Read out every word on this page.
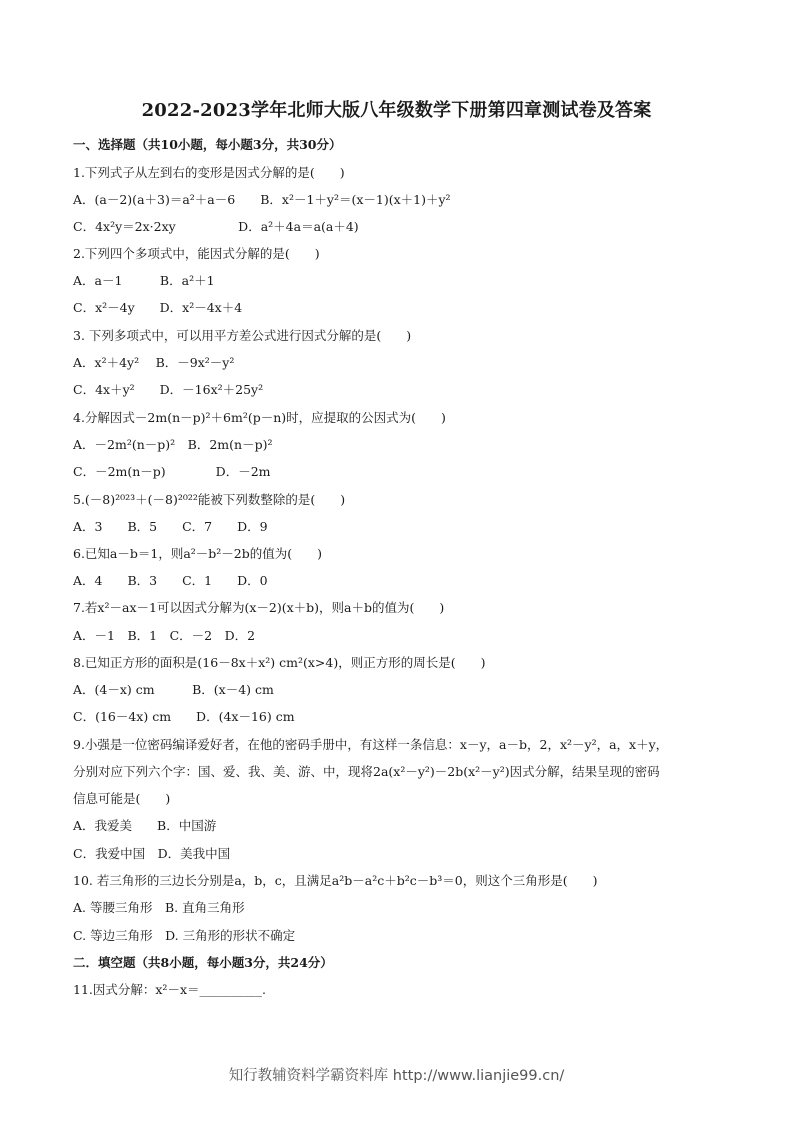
2022-2023学年北师大版八年级数学下册第四章测试卷及答案
一、选择题（共10小题，每小题3分，共30分）
1.下列式子从左到右的变形是因式分解的是(　　)
A．(a－2)(a＋3)＝a²＋a－6　　B．x²－1＋y²＝(x－1)(x＋1)＋y²
C．4x²y＝2x·2xy　　　　　D．a²＋4a＝a(a＋4)
2.下列四个多项式中，能因式分解的是(　　)
A．a－1　　　B．a²＋1
C．x²－4y　　D．x²－4x＋4
3. 下列多项式中，可以用平方差公式进行因式分解的是(　　)
A．x²＋4y²　 B．－9x²－y²
C．4x＋y²　　D．－16x²＋25y²
4.分解因式－2m(n－p)²＋6m²(p－n)时，应提取的公因式为(　　)
A．－2m²(n－p)²　B．2m(n－p)²
C．－2m(n－p)　　　　D．－2m
5.(－8)²⁰²³＋(－8)²⁰²²能被下列数整除的是(　　)
A．3　　B．5　　C．7　　D．9
6.已知a－b＝1，则a²－b²－2b的值为(　　)
A．4　　B．3　　C．1　　D．0
7.若x²－ax－1可以因式分解为(x－2)(x＋b)，则a＋b的值为(　　)
A．－1　B．1　C．－2　D．2
8.已知正方形的面积是(16－8x＋x²) cm²(x>4)，则正方形的周长是(　　)
A．(4－x) cm　　　B．(x－4) cm
C．(16－4x) cm　　D．(4x－16) cm
9.小强是一位密码编译爱好者，在他的密码手册中，有这样一条信息：x－y，a－b，2，x²－y²，a，x＋y，
分别对应下列六个字：国、爱、我、美、游、中，现将2a(x²－y²)－2b(x²－y²)因式分解，结果呈现的密码
信息可能是(　　)
A．我爱美　　B．中国游
C．我爱中国　D．美我中国
10. 若三角形的三边长分别是a，b，c，且满足a²b－a²c＋b²c－b³＝0，则这个三角形是(　　)
A. 等腰三角形　B. 直角三角形
C. 等边三角形　D. 三角形的形状不确定
二．填空题（共8小题，每小题3分，共24分）
11.因式分解：x²－x＝__________.
知行教辅资料学霸资料库 http://www.lianjie99.cn/
